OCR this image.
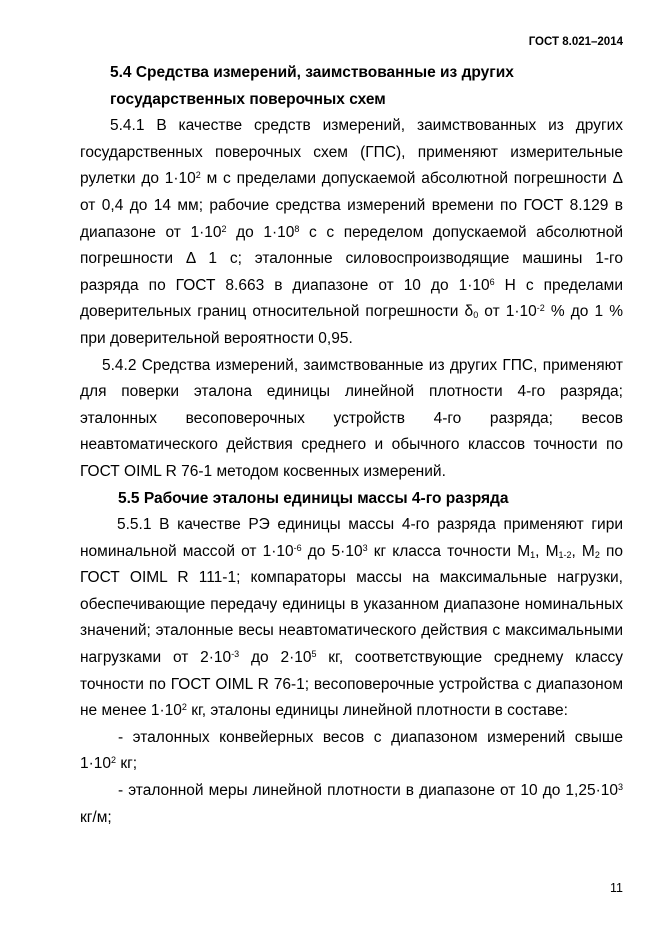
ГОСТ 8.021–2014
5.4 Средства измерений, заимствованные из других
государственных поверочных схем

5.4.1 В качестве средств измерений, заимствованных из других государственных поверочных схем (ГПС), применяют измерительные рулетки до $1\cdot 10^2$ м с пределами допускаемой абсолютной погрешности Δ от 0,4 до 14 мм; рабочие средства измерений времени по ГОСТ 8.129 в диапазоне от $1\cdot 10^2$ до $1\cdot 10^8$ с с переделом допускаемой абсолютной погрешности Δ 1 с; эталонные силовоспроизводящие машины 1-го разряда по ГОСТ 8.663 в диапазоне от 10 до $1\cdot 10^6$ Н с пределами доверительных границ относительной погрешности $\delta_0$ от $1\cdot 10^{-2}$ % до 1 % при доверительной вероятности 0,95.

5.4.2 Средства измерений, заимствованные из других ГПС, применяют для поверки эталона единицы линейной плотности 4-го разряда; эталонных весоповерочных устройств 4-го разряда; весов неавтоматического действия среднего и обычного классов точности по ГОСТ OIML R 76-1 методом косвенных измерений.

5.5 Рабочие эталоны единицы массы 4-го разряда

5.5.1 В качестве РЭ единицы массы 4-го разряда применяют гири номинальной массой от $1\cdot 10^{-6}$ до $5\cdot 10^3$ кг класса точности $M_1$, $M_{1-2}$, $M_2$ по ГОСТ OIML R 111-1; компараторы массы на максимальные нагрузки, обеспечивающие передачу единицы в указанном диапазоне номинальных значений; эталонные весы неавтоматического действия с максимальными нагрузками от $2\cdot 10^{-3}$ до $2\cdot 10^5$ кг, соответствующие среднему классу точности по ГОСТ OIML R 76-1; весоповерочные устройства с диапазоном не менее $1\cdot 10^2$ кг, эталоны единицы линейной плотности в составе:

- эталонных конвейерных весов с диапазоном измерений свыше $1\cdot 10^2$ кг;

- эталонной меры линейной плотности в диапазоне от 10 до $1,25\cdot 10^3$ кг/м;

11
